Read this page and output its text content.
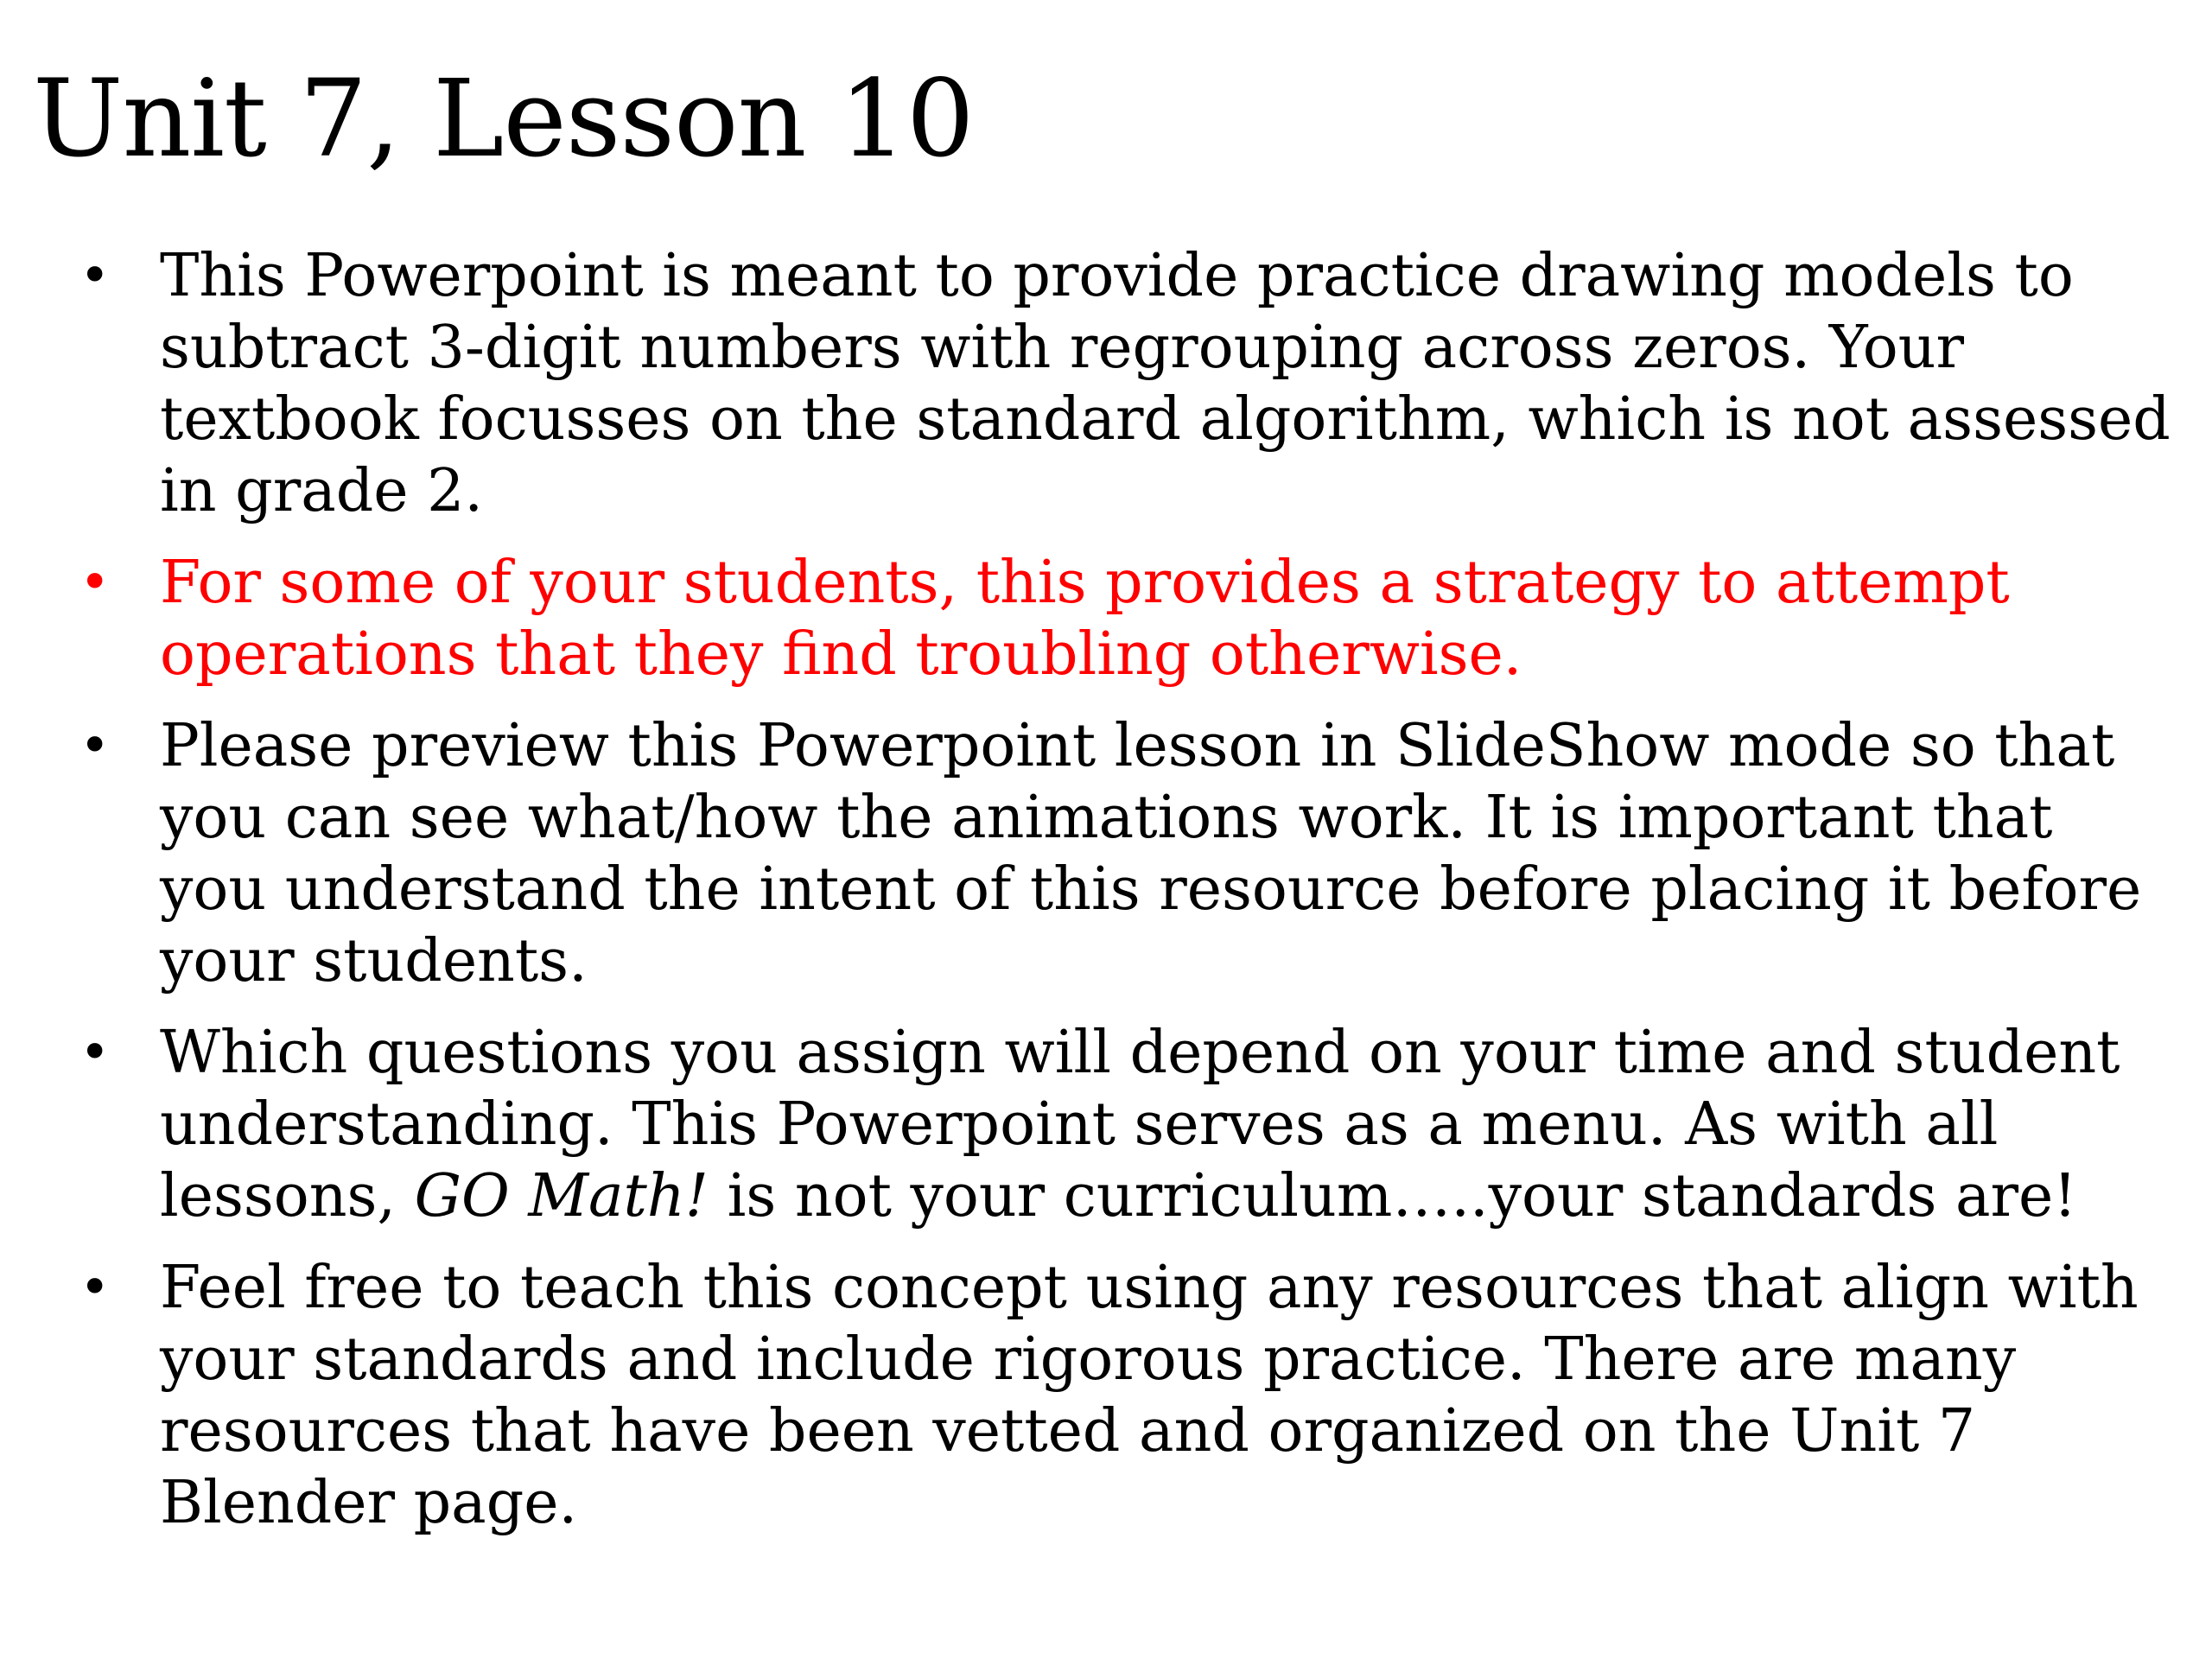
Unit 7, Lesson 10
• This Powerpoint is meant to provide practice drawing models to subtract 3-digit numbers with regrouping across zeros. Your textbook focusses on the standard algorithm, which is not assessed in grade 2.
• For some of your students, this provides a strategy to attempt operations that they find troubling otherwise.
• Please preview this Powerpoint lesson in SlideShow mode so that you can see what/how the animations work. It is important that you understand the intent of this resource before placing it before your students.
• Which questions you assign will depend on your time and student understanding. This Powerpoint serves as a menu. As with all lessons, GO Math! is not your curriculum…..your standards are!
• Feel free to teach this concept using any resources that align with your standards and include rigorous practice. There are many resources that have been vetted and organized on the Unit 7 Blender page.
